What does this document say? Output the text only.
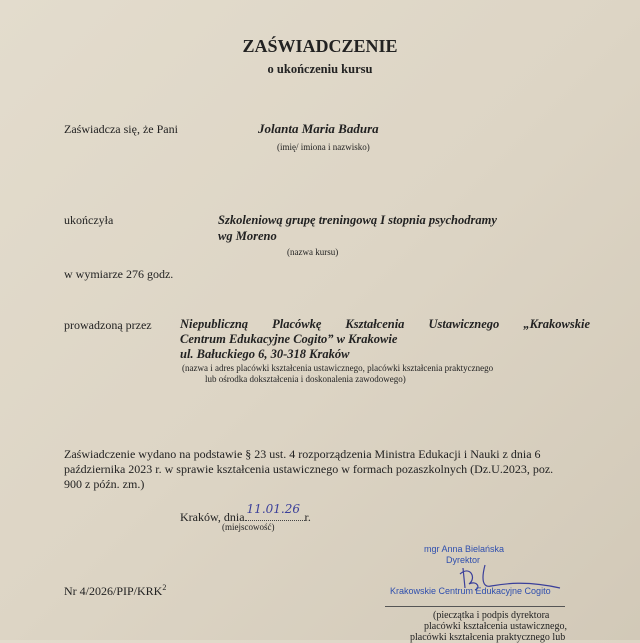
ZAŚWIADCZENIE
o ukończeniu kursu
Zaświadcza się, że Pani	Jolanta Maria Badura
(imię/ imiona i nazwisko)
ukończyła	Szkoleniową grupę treningową I stopnia psychodramy
wg Moreno
(nazwa kursu)
w wymiarze 276 godz.
prowadzoną przez Niepubliczną Placówkę Kształcenia Ustawicznego „Krakowskie
Centrum Edukacyjne Cogito” w Krakowie
ul. Bałuckiego 6, 30-318 Kraków
(nazwa i adres placówki kształcenia ustawicznego, placówki kształcenia praktycznego
lub ośrodka dokształcenia i doskonalenia zawodowego)
Zaświadczenie wydano na podstawie § 23 ust. 4 rozporządzenia Ministra Edukacji i Nauki z dnia 6
października 2023 r. w sprawie kształcenia ustawicznego w formach pozaszkolnych (Dz.U.2023, poz.
900 z późn. zm.)
Kraków, dnia
11.01.26
r.
(miejscowość)
Nr 4/2026/PIP/KRK$^2$
mgr Anna Bielańska
Dyrektor
Krakowskie Centrum Edukacyjne Cogito
(pieczątka i podpis dyrektora
placówki kształcenia ustawicznego,
placówki kształcenia praktycznego lub
